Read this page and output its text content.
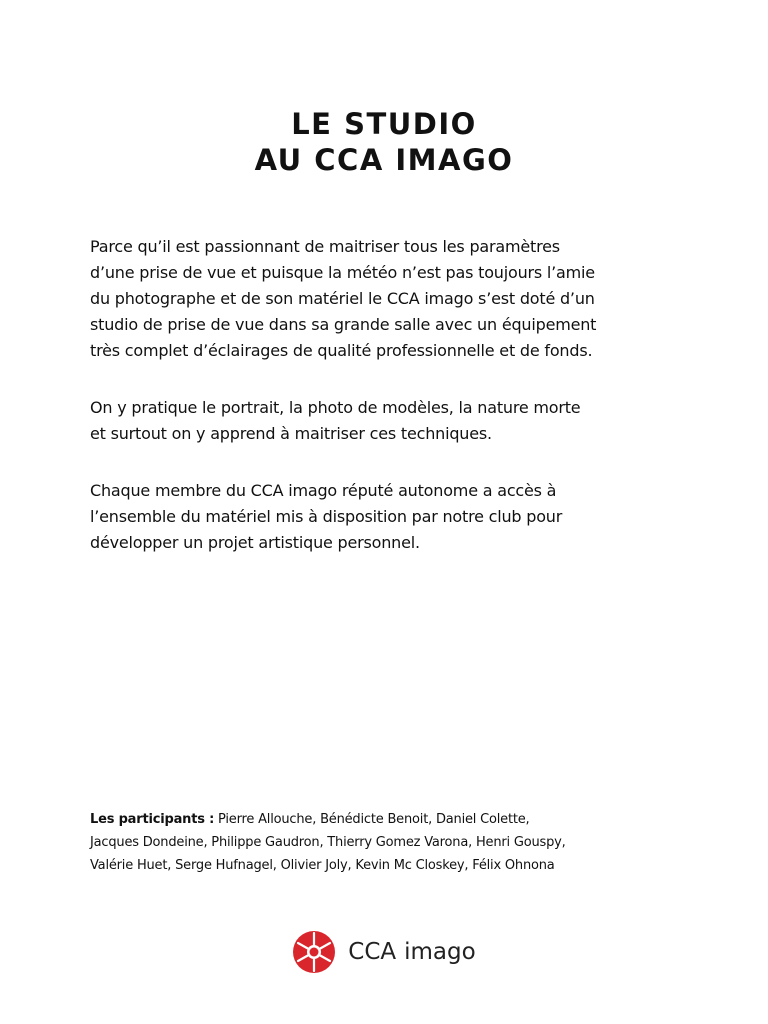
LE STUDIO
AU CCA IMAGO

Parce qu’il est passionnant de maitriser tous les paramètres
d’une prise de vue et puisque la météo n’est pas toujours l’amie
du photographe et de son matériel le CCA imago s’est doté d’un
studio de prise de vue dans sa grande salle avec un équipement
très complet d’éclairages de qualité professionnelle et de fonds.

On y pratique le portrait, la photo de modèles, la nature morte
et surtout on y apprend à maitriser ces techniques.

Chaque membre du CCA imago réputé autonome a accès à
l’ensemble du matériel mis à disposition par notre club pour
développer un projet artistique personnel.

Les participants : Pierre Allouche, Bénédicte Benoit, Daniel Colette,
Jacques Dondeine, Philippe Gaudron, Thierry Gomez Varona, Henri Gouspy,
Valérie Huet, Serge Hufnagel, Olivier Joly, Kevin Mc Closkey, Félix Ohnona

CCA imago
